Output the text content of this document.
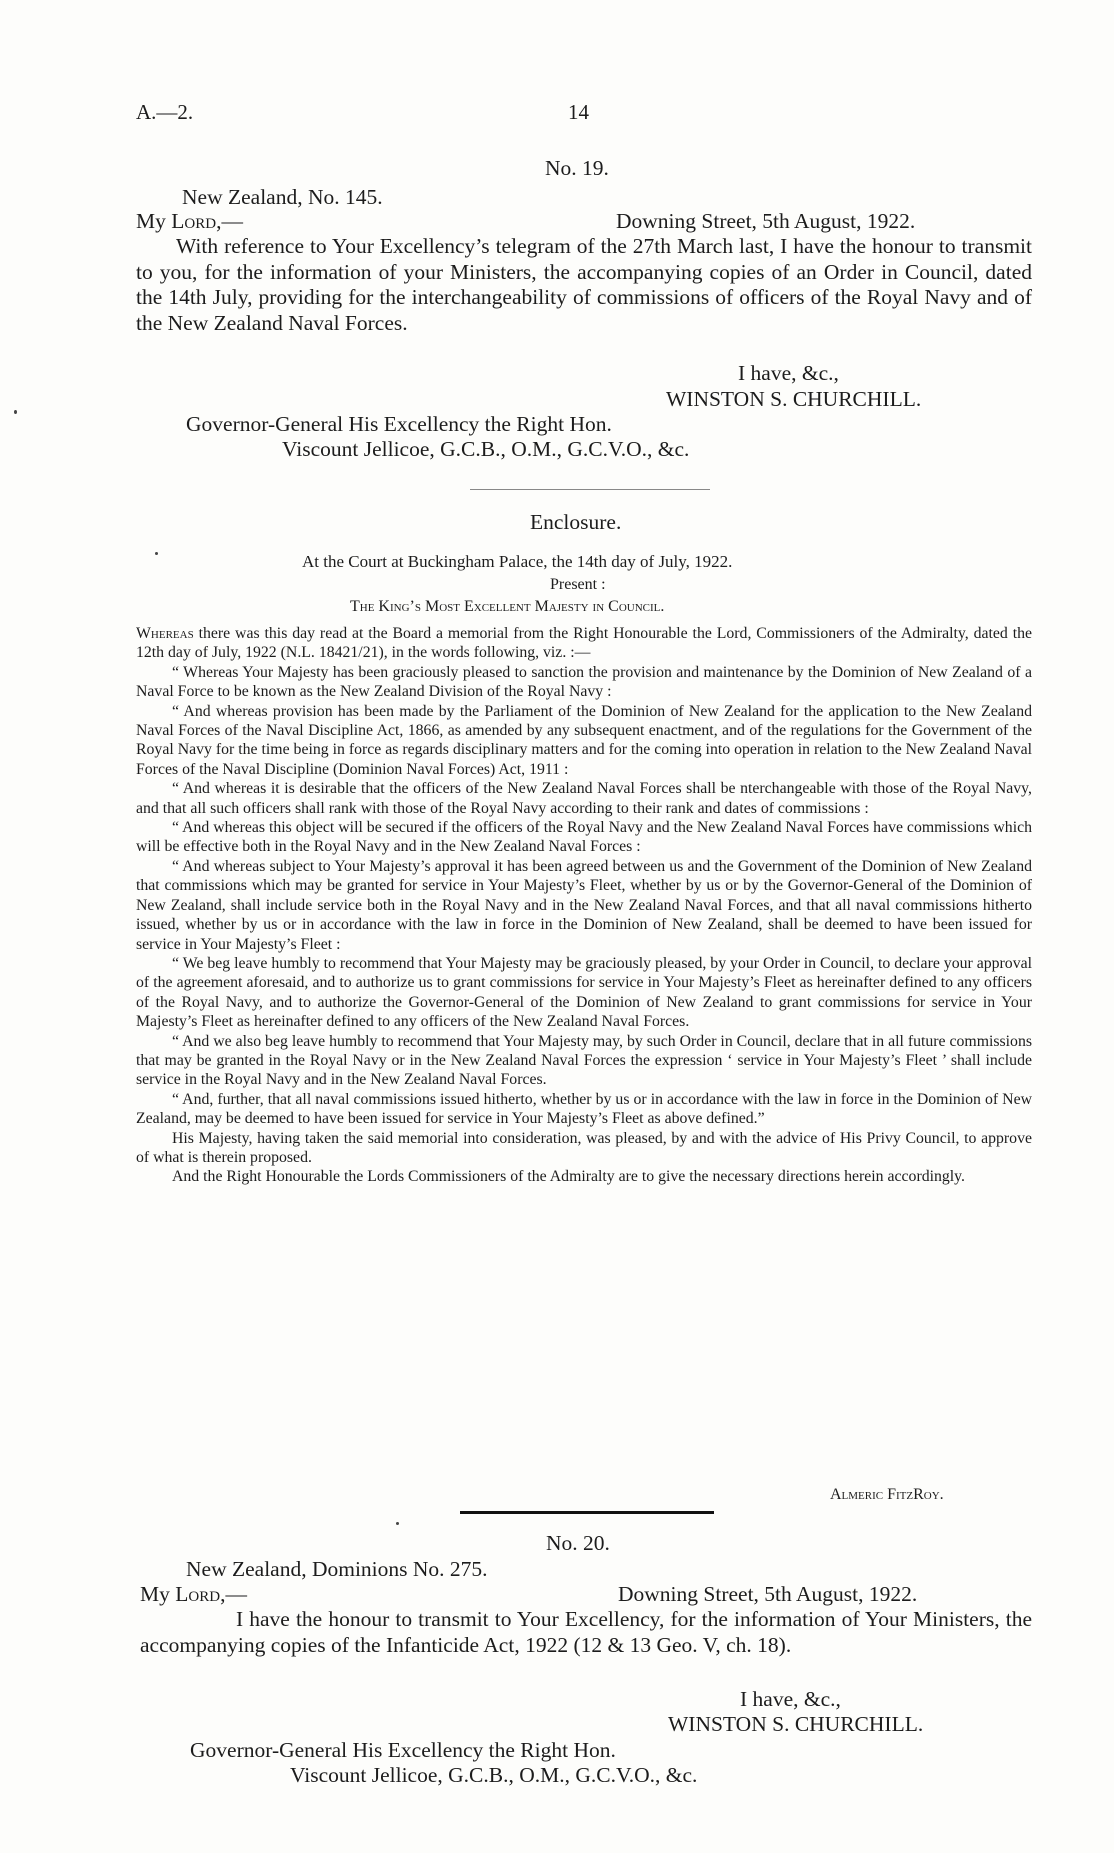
A.—2.	14
No. 19.
New Zealand, No. 145.
My Lord,—	Downing Street, 5th August, 1922.

With reference to Your Excellency’s telegram of the 27th March last, I have the honour to transmit to you, for the information of your Ministers, the accompanying copies of an Order in Council, dated the 14th July, providing for the interchangeability of commissions of officers of the Royal Navy and of the New Zealand Naval Forces.

I have, &c.,
WINSTON S. CHURCHILL.
Governor-General His Excellency the Right Hon.
Viscount Jellicoe, G.C.B., O.M., G.C.V.O., &c.
Enclosure.
At the Court at Buckingham Palace, the 14th day of July, 1922.
Present :
The King’s Most Excellent Majesty in Council.

Whereas there was this day read at the Board a memorial from the Right Honourable the Lord, Commissioners of the Admiralty, dated the 12th day of July, 1922 (N.L. 18421/21), in the words following, viz. :—

“ Whereas Your Majesty has been graciously pleased to sanction the provision and maintenance by the Dominion of New Zealand of a Naval Force to be known as the New Zealand Division of the Royal Navy :

“ And whereas provision has been made by the Parliament of the Dominion of New Zealand for the application to the New Zealand Naval Forces of the Naval Discipline Act, 1866, as amended by any subsequent enactment, and of the regulations for the Government of the Royal Navy for the time being in force as regards disciplinary matters and for the coming into operation in relation to the New Zealand Naval Forces of the Naval Discipline (Dominion Naval Forces) Act, 1911 :

“ And whereas it is desirable that the officers of the New Zealand Naval Forces shall be nterchangeable with those of the Royal Navy, and that all such officers shall rank with those of the Royal Navy according to their rank and dates of commissions :

“ And whereas this object will be secured if the officers of the Royal Navy and the New Zealand Naval Forces have commissions which will be effective both in the Royal Navy and in the New Zealand Naval Forces :

“ And whereas subject to Your Majesty’s approval it has been agreed between us and the Government of the Dominion of New Zealand that commissions which may be granted for service in Your Majesty’s Fleet, whether by us or by the Governor-General of the Dominion of New Zealand, shall include service both in the Royal Navy and in the New Zealand Naval Forces, and that all naval commissions hitherto issued, whether by us or in accordance with the law in force in the Dominion of New Zealand, shall be deemed to have been issued for service in Your Majesty’s Fleet :

“ We beg leave humbly to recommend that Your Majesty may be graciously pleased, by your Order in Council, to declare your approval of the agreement aforesaid, and to authorize us to grant commissions for service in Your Majesty’s Fleet as hereinafter defined to any officers of the Royal Navy, and to authorize the Governor-General of the Dominion of New Zealand to grant commissions for service in Your Majesty’s Fleet as hereinafter defined to any officers of the New Zealand Naval Forces.

“ And we also beg leave humbly to recommend that Your Majesty may, by such Order in Council, declare that in all future commissions that may be granted in the Royal Navy or in the New Zealand Naval Forces the expression ‘ service in Your Majesty’s Fleet ’ shall include service in the Royal Navy and in the New Zealand Naval Forces.

“ And, further, that all naval commissions issued hitherto, whether by us or in accordance with the law in force in the Dominion of New Zealand, may be deemed to have been issued for service in Your Majesty’s Fleet as above defined.”

His Majesty, having taken the said memorial into consideration, was pleased, by and with the advice of His Privy Council, to approve of what is therein proposed.

And the Right Honourable the Lords Commissioners of the Admiralty are to give the necessary directions herein accordingly.

Almeric FitzRoy.
No. 20.
New Zealand, Dominions No. 275.
My Lord,—	Downing Street, 5th August, 1922.

I have the honour to transmit to Your Excellency, for the information of Your Ministers, the accompanying copies of the Infanticide Act, 1922 (12 & 13 Geo. V, ch. 18).

I have, &c.,
WINSTON S. CHURCHILL.
Governor-General His Excellency the Right Hon.
Viscount Jellicoe, G.C.B., O.M., G.C.V.O., &c.
